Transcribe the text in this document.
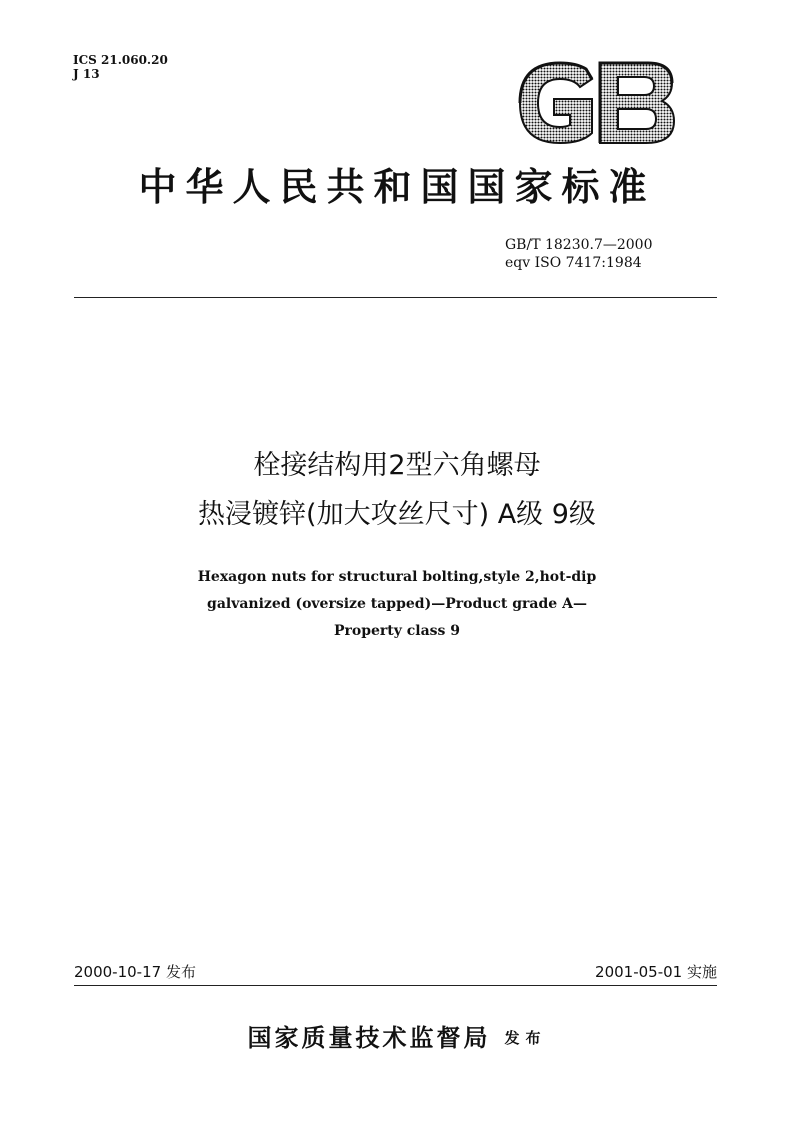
ICS 21.060.20
J 13
中华人民共和国国家标准
GB/T 18230.7—2000
eqv ISO 7417:1984
栓接结构用2型六角螺母
热浸镀锌(加大攻丝尺寸) A级 9级
Hexagon nuts for structural bolting,style 2,hot-dip
galvanized (oversize tapped)—Product grade A—
Property class 9
2000-10-17 发布	2001-05-01 实施
国家质量技术监督局 发布
